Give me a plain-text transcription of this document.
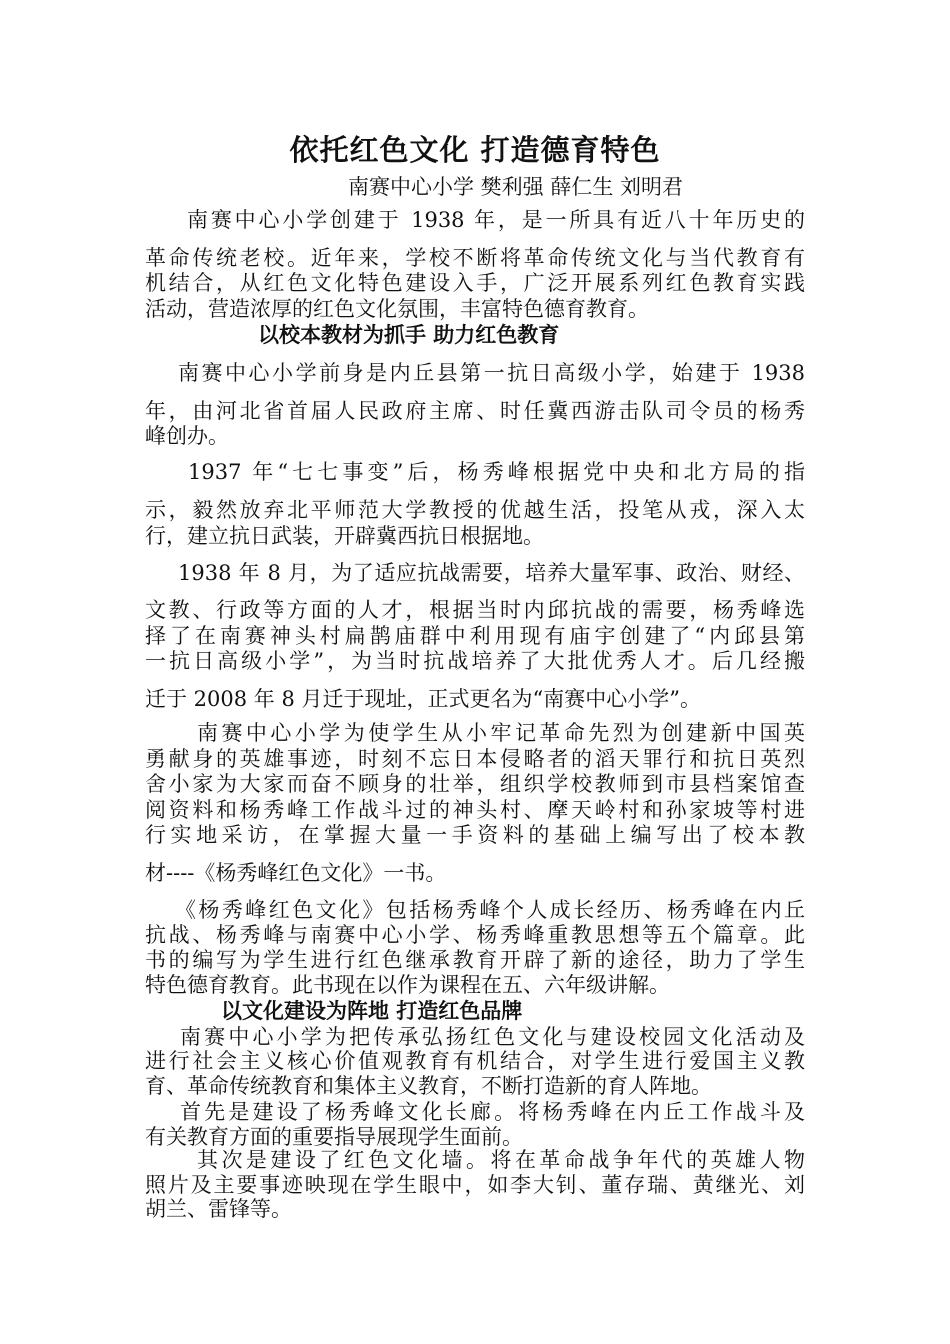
依托红色文化 打造德育特色
南赛中心小学 樊利强 薛仁生 刘明君
南赛中心小学创建于 1938 年，是一所具有近八十年历史的
革命传统老校。近年来，学校不断将革命传统文化与当代教育有
机结合，从红色文化特色建设入手，广泛开展系列红色教育实践
活动，营造浓厚的红色文化氛围，丰富特色德育教育。
以校本教材为抓手 助力红色教育
南赛中心小学前身是内丘县第一抗日高级小学，始建于 1938
年，由河北省首届人民政府主席、时任冀西游击队司令员的杨秀
峰创办。
1937 年“七七事变”后，杨秀峰根据党中央和北方局的指
示，毅然放弃北平师范大学教授的优越生活，投笔从戎，深入太
行，建立抗日武装，开辟冀西抗日根据地。
1938 年 8 月，为了适应抗战需要，培养大量军事、政治、财经、
文教、行政等方面的人才，根据当时内邱抗战的需要，杨秀峰选
择了在南赛神头村扁鹊庙群中利用现有庙宇创建了“内邱县第
一抗日高级小学”，为当时抗战培养了大批优秀人才。后几经搬
迁于 2008 年 8 月迁于现址，正式更名为“南赛中心小学”。
南赛中心小学为使学生从小牢记革命先烈为创建新中国英
勇献身的英雄事迹，时刻不忘日本侵略者的滔天罪行和抗日英烈
舍小家为大家而奋不顾身的壮举，组织学校教师到市县档案馆查
阅资料和杨秀峰工作战斗过的神头村、摩天岭村和孙家坡等村进
行实地采访，在掌握大量一手资料的基础上编写出了校本教
材----《杨秀峰红色文化》一书。
《杨秀峰红色文化》包括杨秀峰个人成长经历、杨秀峰在内丘
抗战、杨秀峰与南赛中心小学、杨秀峰重教思想等五个篇章。此
书的编写为学生进行红色继承教育开辟了新的途径，助力了学生
特色德育教育。此书现在以作为课程在五、六年级讲解。
以文化建设为阵地 打造红色品牌
南赛中心小学为把传承弘扬红色文化与建设校园文化活动及
进行社会主义核心价值观教育有机结合，对学生进行爱国主义教
育、革命传统教育和集体主义教育，不断打造新的育人阵地。
首先是建设了杨秀峰文化长廊。将杨秀峰在内丘工作战斗及
有关教育方面的重要指导展现学生面前。
其次是建设了红色文化墙。将在革命战争年代的英雄人物
照片及主要事迹映现在学生眼中，如李大钊、董存瑞、黄继光、刘
胡兰、雷锋等。
